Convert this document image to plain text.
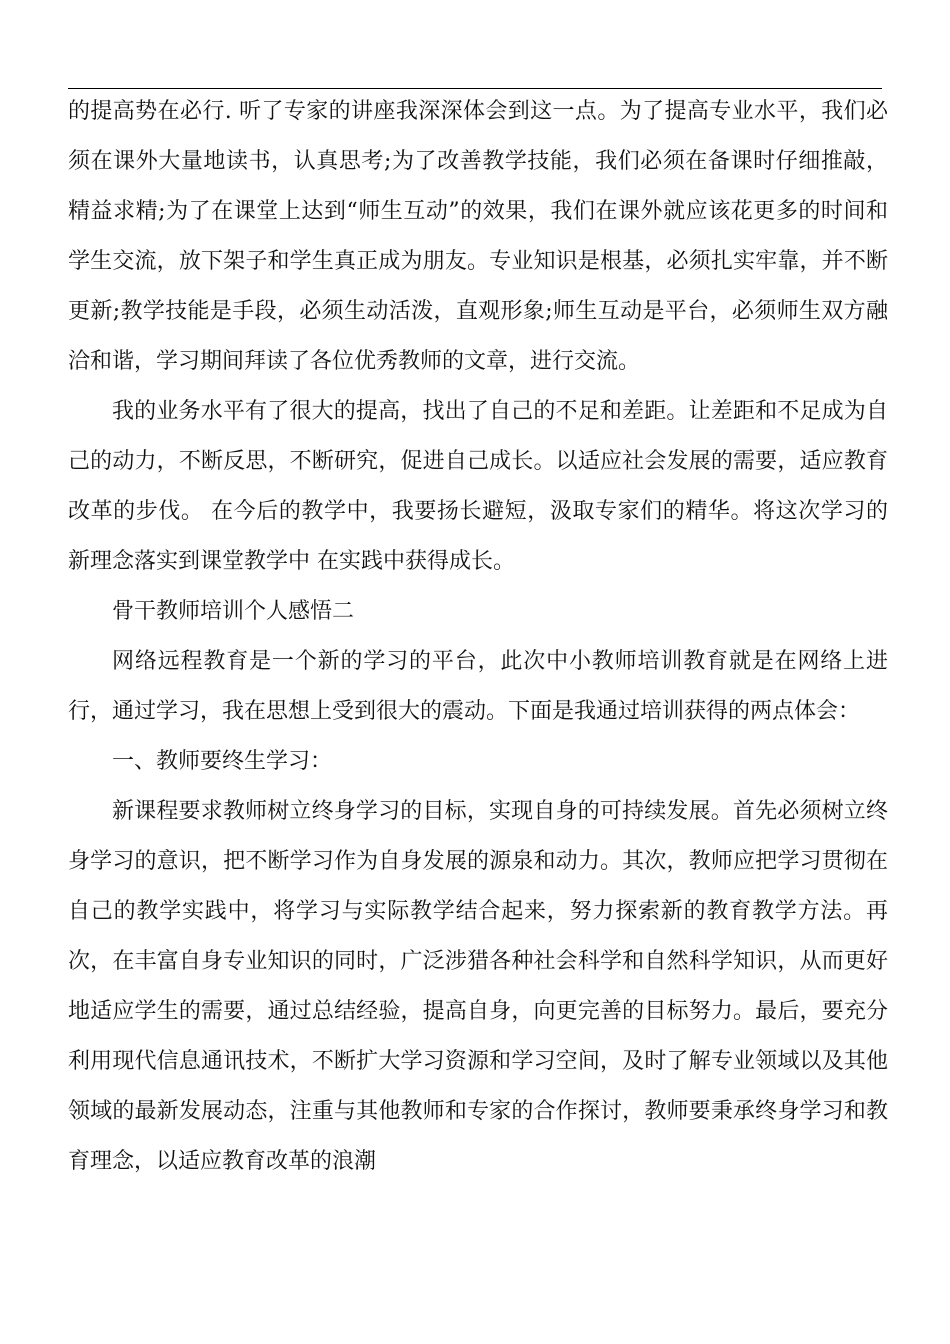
的提高势在必行. 听了专家的讲座我深深体会到这一点。为了提高专业水平，我们必须在课外大量地读书，认真思考;为了改善教学技能，我们必须在备课时仔细推敲，精益求精;为了在课堂上达到“师生互动”的效果，我们在课外就应该花更多的时间和学生交流，放下架子和学生真正成为朋友。专业知识是根基，必须扎实牢靠，并不断更新;教学技能是手段，必须生动活泼，直观形象;师生互动是平台，必须师生双方融洽和谐，学习期间拜读了各位优秀教师的文章，进行交流。

我的业务水平有了很大的提高，找出了自己的不足和差距。让差距和不足成为自己的动力，不断反思，不断研究，促进自己成长。以适应社会发展的需要，适应教育改革的步伐。 在今后的教学中，我要扬长避短，汲取专家们的精华。将这次学习的新理念落实到课堂教学中 在实践中获得成长。

骨干教师培训个人感悟二

网络远程教育是一个新的学习的平台，此次中小教师培训教育就是在网络上进行，通过学习，我在思想上受到很大的震动。下面是我通过培训获得的两点体会：

一、教师要终生学习：

新课程要求教师树立终身学习的目标，实现自身的可持续发展。首先必须树立终身学习的意识，把不断学习作为自身发展的源泉和动力。其次，教师应把学习贯彻在自己的教学实践中，将学习与实际教学结合起来，努力探索新的教育教学方法。再次，在丰富自身专业知识的同时，广泛涉猎各种社会科学和自然科学知识，从而更好地适应学生的需要，通过总结经验，提高自身，向更完善的目标努力。最后，要充分利用现代信息通讯技术，不断扩大学习资源和学习空间，及时了解专业领域以及其他领域的最新发展动态，注重与其他教师和专家的合作探讨，教师要秉承终身学习和教育理念，以适应教育改革的浪潮
